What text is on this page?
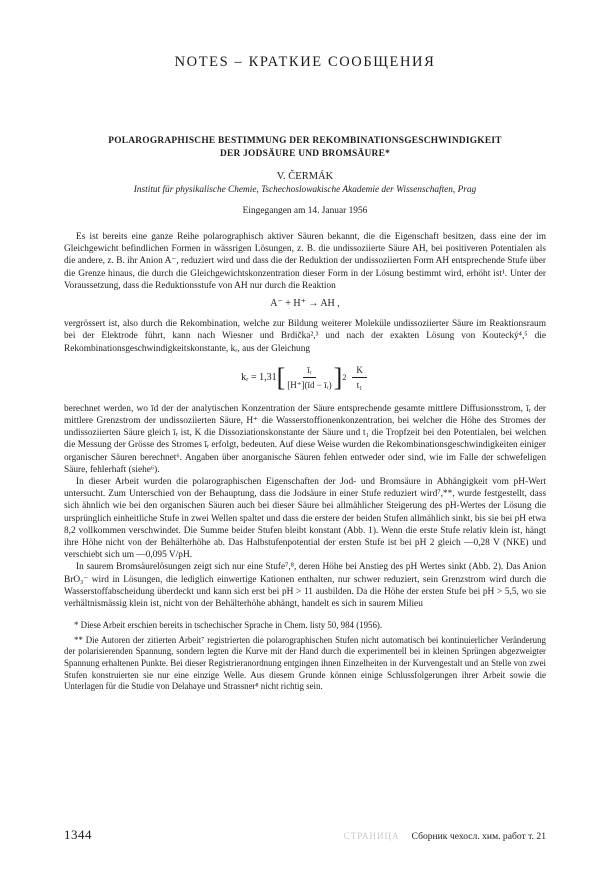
NOTES – КРАТКИЕ СООБЩЕНИЯ
POLAROGRAPHISCHE BESTIMMUNG DER REKOMBINATIONSGESCHWINDIGKEIT
DER JODSÄURE UND BROMSÄURE*
V. ČERMÁK
Institut für physikalische Chemie, Tschechoslowakische Akademie der Wissenschaften, Prag
Eingegangen am 14. Januar 1956

Es ist bereits eine ganze Reihe polarographisch aktiver Säuren bekannt, die die Eigenschaft besitzen, dass eine der im Gleichgewicht befindlichen Formen in wässrigen Lösungen, z. B. die undissoziierte Säure AH, bei positiveren Potentialen als die andere, z. B. ihr Anion A⁻, reduziert wird und dass die der Reduktion der undissoziierten Form AH entsprechende Stufe über die Grenze hinaus, die durch die Gleichgewichtskonzentration dieser Form in der Lösung bestimmt wird, erhöht ist¹. Unter der Voraussetzung, dass die Reduktionsstufe von AH nur durch die Reaktion

A⁻ + H⁺ → AH ,

vergrössert ist, also durch die Rekombination, welche zur Bildung weiterer Moleküle undissoziierter Säure im Reaktionsraum bei der Elektrode führt, kann nach Wiesner und Brdička²,³ und nach der exakten Lösung von Koutecký⁴,⁵ die Rekombinationsgeschwindigkeitskonstante, kᵣ, aus der Gleichung

kᵣ = 1,31 [ $\frac{\text{īᵣ}}{\text{[H⁺](īd − īᵣ)}}$ ] $2 \frac{K}{\text{t₁}}$

berechnet werden, wo īd der der analytischen Konzentration der Säure entsprechende gesamte mittlere Diffusionsstrom, īᵣ der mittlere Grenzstrom der undissoziierten Säure, H⁺ die Wasserstoffionenkonzentration, bei welcher die Höhe des Stromes der undissoziierten Säure gleich īᵣ ist, K die Dissoziationskonstante der Säure und t₁ die Tropfzeit bei den Potentialen, bei welchen die Messung der Grösse des Stromes īᵣ erfolgt, bedeuten. Auf diese Weise wurden die Rekombinationsgeschwindigkeiten einiger organischer Säuren berechnet⁶. Angaben über anorganische Säuren fehlen entweder oder sind, wie im Falle der schwefeligen Säure, fehlerhaft (siehe⁶).

In dieser Arbeit wurden die polarographischen Eigenschaften der Jod- und Bromsäure in Abhängigkeit vom pH-Wert untersucht. Zum Unterschied von der Behauptung, dass die Jodsäure in einer Stufe reduziert wird⁷,**, wurde festgestellt, dass sich ähnlich wie bei den organischen Säuren auch bei dieser Säure bei allmählicher Steigerung des pH-Wertes der Lösung die ursprünglich einheitliche Stufe in zwei Wellen spaltet und dass die erstere der beiden Stufen allmählich sinkt, bis sie bei pH etwa 8,2 vollkommen verschwindet. Die Summe beider Stufen bleibt konstant (Abb. 1). Wenn die erste Stufe relativ klein ist, hängt ihre Höhe nicht von der Behälterhöhe ab. Das Halbstufenpotential der ersten Stufe ist bei pH 2 gleich —0,28 V (NKE) und verschiebt sich um —0,095 V/pH.

In saurem Bromsäurelösungen zeigt sich nur eine Stufe⁷,⁸, deren Höhe bei Anstieg des pH Wertes sinkt (Abb. 2). Das Anion BrO₃⁻ wird in Lösungen, die lediglich einwertige Kationen enthalten, nur schwer reduziert, sein Grenzstrom wird durch die Wasserstoffabscheidung überdeckt und kann sich erst bei pH > 11 ausbilden. Da die Höhe der ersten Stufe bei pH > 5,5, wo sie verhältnismässig klein ist, nicht von der Behälterhöhe abhängt, handelt es sich in saurem Milieu

* Diese Arbeit erschien bereits in tschechischer Sprache in Chem. listy 50, 984 (1956).

** Die Autoren der zitierten Arbeit⁷ registrierten die polarographischen Stufen nicht automatisch bei kontinuierlicher Veränderung der polarisierenden Spannung, sondern legten die Kurve mit der Hand durch die experimentell bei in kleinen Sprüngen abgezweigter Spannung erhaltenen Punkte. Bei dieser Registrieranordnung entgingen ihnen Einzelheiten in der Kurvengestalt und an Stelle von zwei Stufen konstruierten sie nur eine einzige Welle. Aus diesem Grunde können einige Schlussfolgerungen ihrer Arbeit sowie die Unterlagen für die Studie von Delahaye und Strassner⁸ nicht richtig sein.

1344	СТРАНИЦА Сборник чехосл. хим. работ т. 21
